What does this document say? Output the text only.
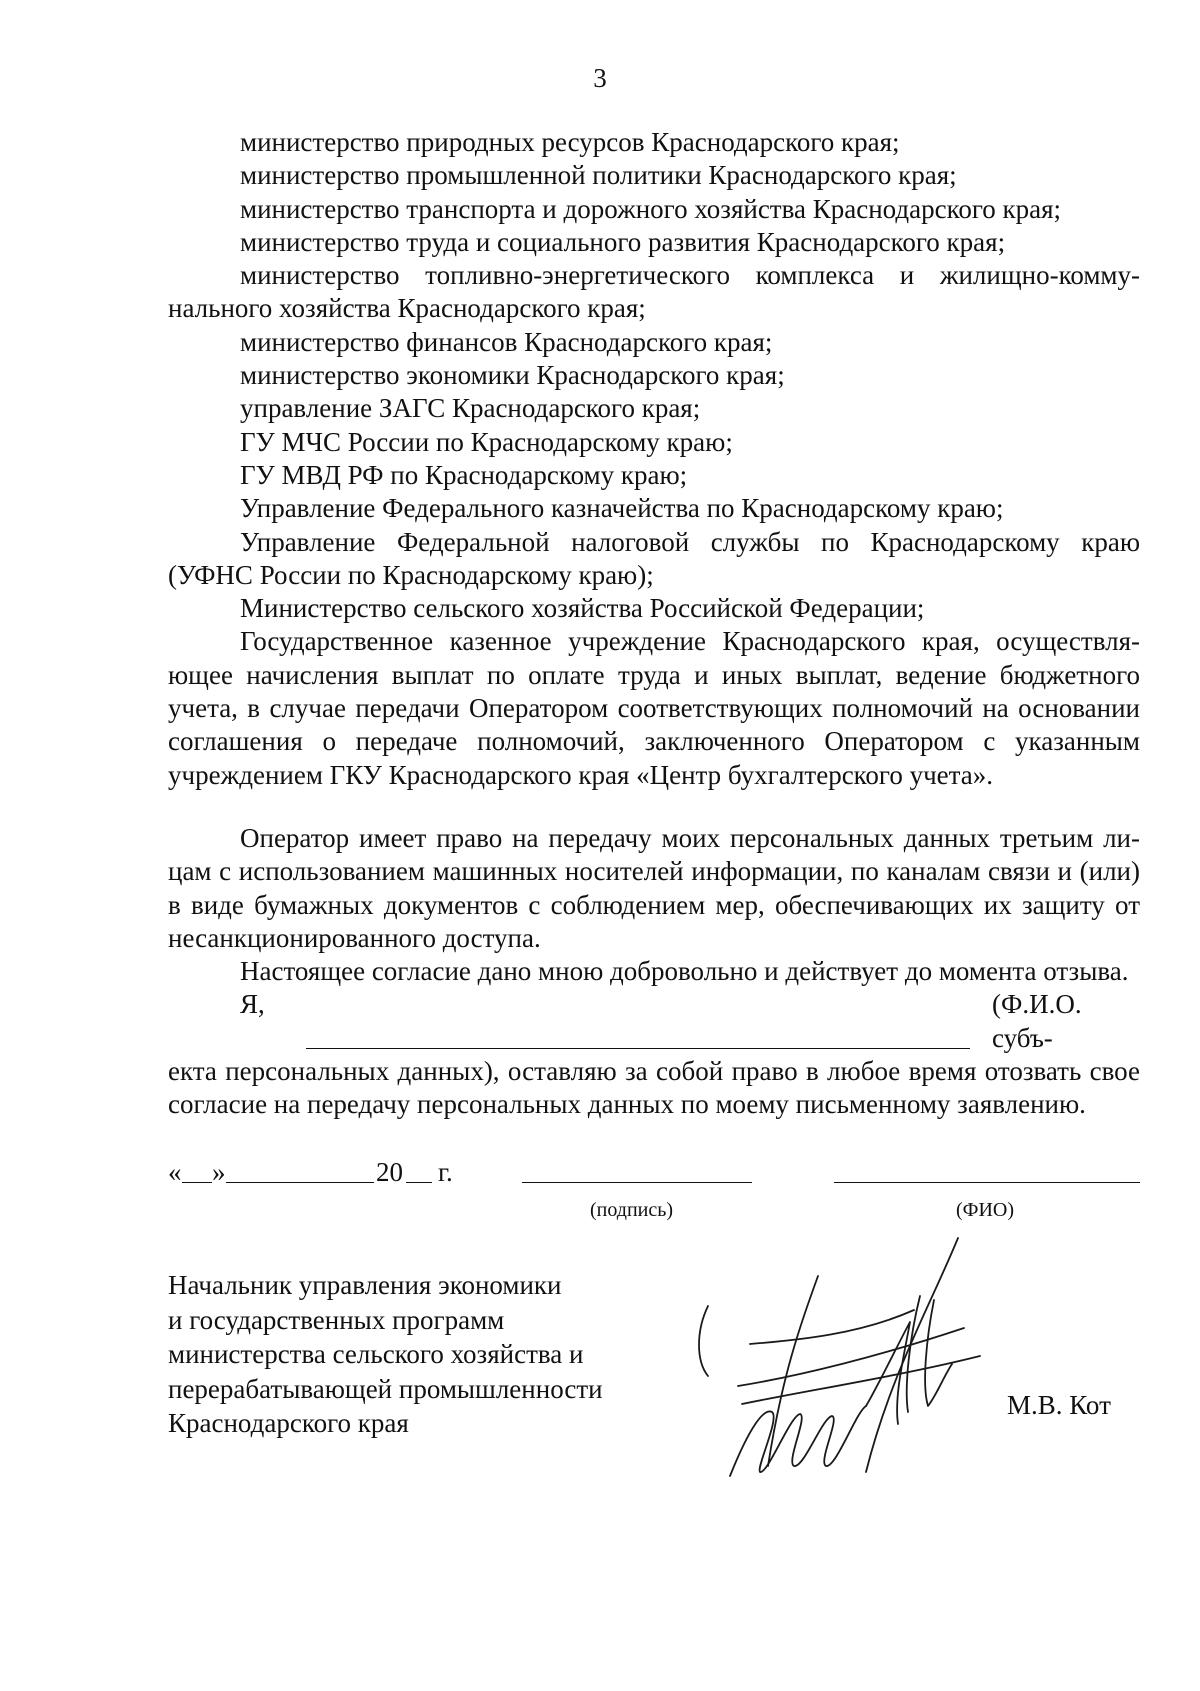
3

министерство природных ресурсов Краснодарского края;

министерство промышленной политики Краснодарского края;

министерство транспорта и дорожного хозяйства Краснодарского края;

министерство труда и социального развития Краснодарского края;

министерство топливно-энергетического комплекса и жилищно-коммунального хозяйства Краснодарского края;

министерство финансов Краснодарского края;

министерство экономики Краснодарского края;

управление ЗАГС Краснодарского края;

ГУ МЧС России по Краснодарскому краю;

ГУ МВД РФ по Краснодарскому краю;

Управление Федерального казначейства по Краснодарскому краю;

Управление Федеральной налоговой службы по Краснодарскому краю (УФНС России по Краснодарскому краю);

Министерство сельского хозяйства Российской Федерации;

Государственное казенное учреждение Краснодарского края, осуществляющее начисления выплат по оплате труда и иных выплат, ведение бюджетного учета, в случае передачи Оператором соответствующих полномочий на основании соглашения о передаче полномочий, заключенного Оператором с указанным учреждением ГКУ Краснодарского края «Центр бухгалтерского учета».

Оператор имеет право на передачу моих персональных данных третьим лицам с использованием машинных носителей информации, по каналам связи и (или) в виде бумажных документов с соблюдением мер, обеспечивающих их защиту от несанкционированного доступа.

Настоящее согласие дано мною добровольно и действует до момента отзыва.

Я,	(Ф.И.О. субъ-

екта персональных данных), оставляю за собой право в любое время отозвать свое согласие на передачу персональных данных по моему письменному заявлению.

« »	20 г.
(подпись)	(ФИО)
Начальник управления экономики
и государственных программ
министерства сельского хозяйства и
перерабатывающей промышленности
Краснодарского края
М.В. Кот
